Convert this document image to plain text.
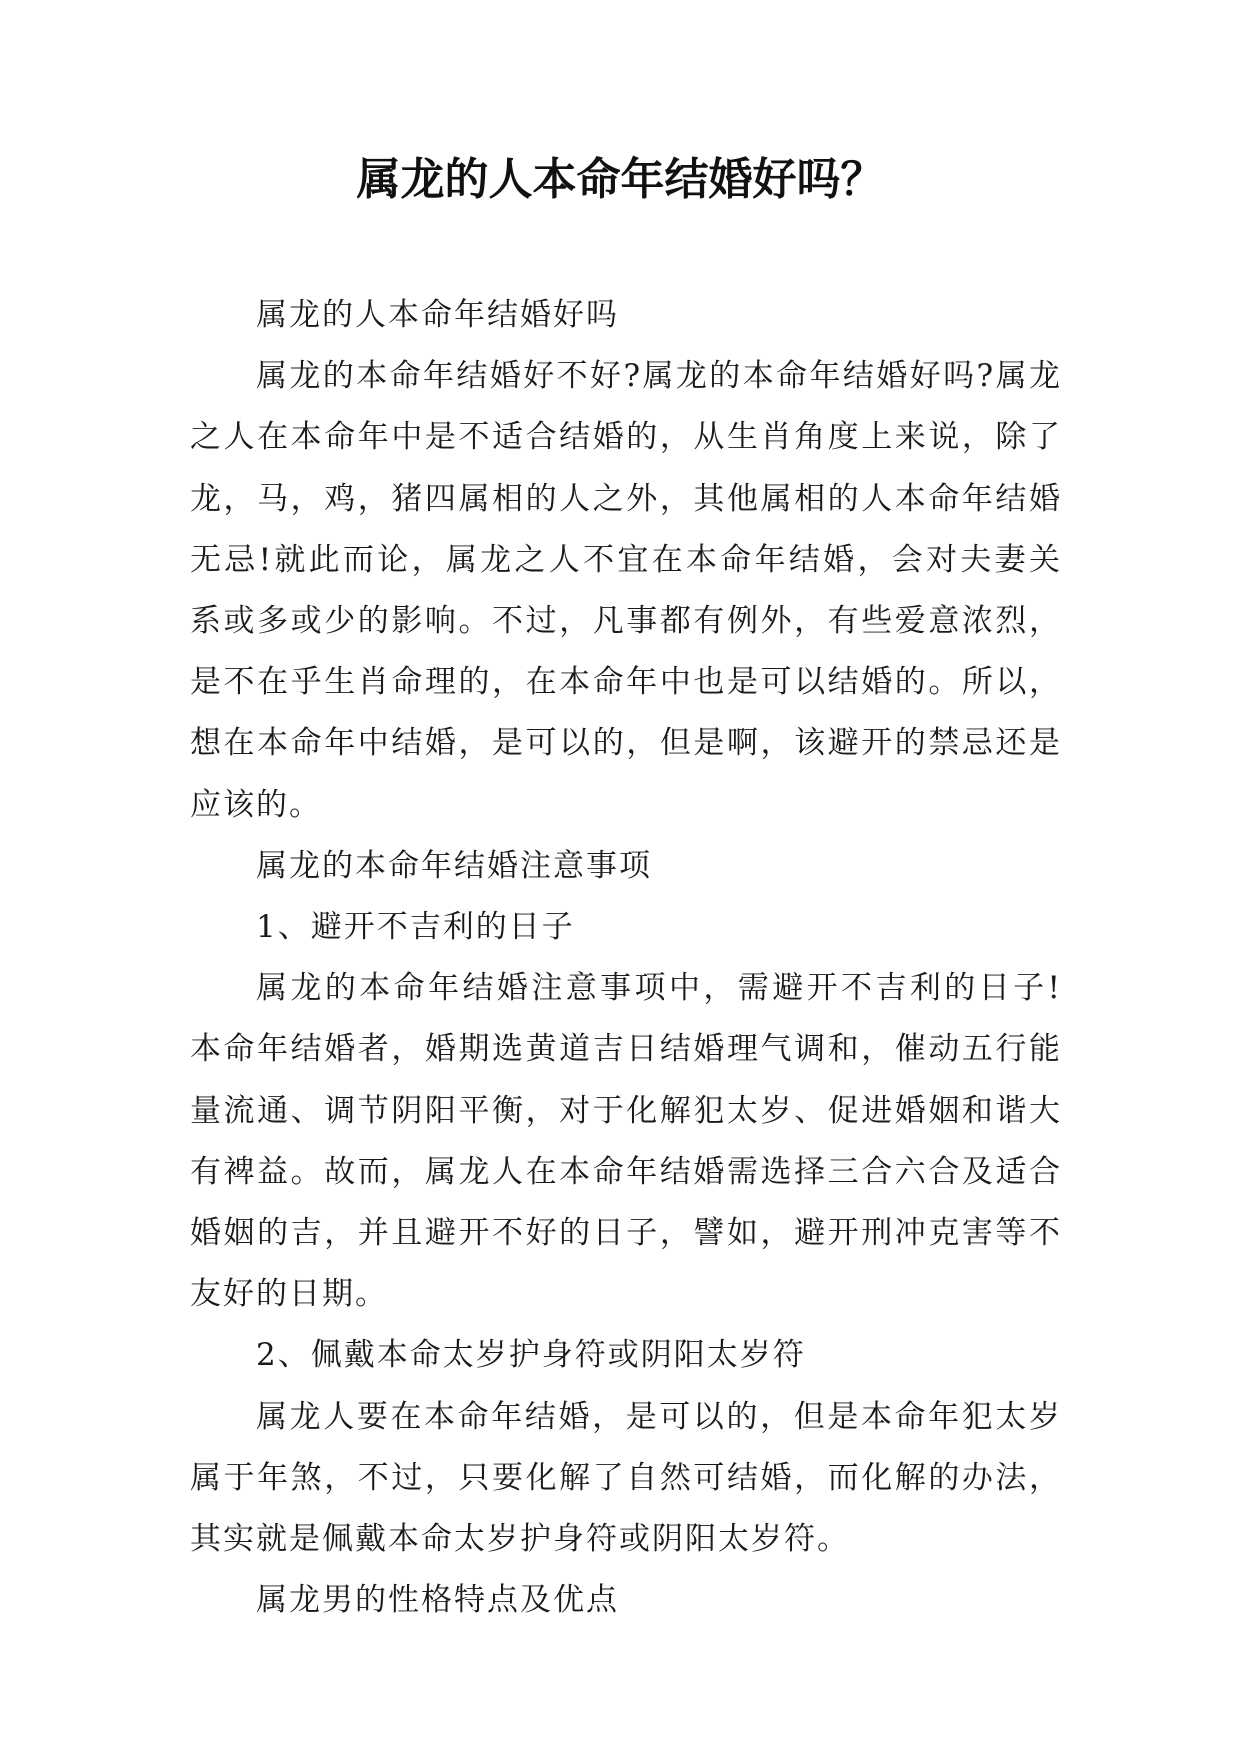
属龙的人本命年结婚好吗？

属龙的人本命年结婚好吗

属龙的本命年结婚好不好?属龙的本命年结婚好吗?属龙之人在本命年中是不适合结婚的，从生肖角度上来说，除了龙，马，鸡，猪四属相的人之外，其他属相的人本命年结婚无忌!就此而论，属龙之人不宜在本命年结婚，会对夫妻关系或多或少的影响。不过，凡事都有例外，有些爱意浓烈，是不在乎生肖命理的，在本命年中也是可以结婚的。所以，想在本命年中结婚，是可以的，但是啊，该避开的禁忌还是应该的。

属龙的本命年结婚注意事项

1、避开不吉利的日子

属龙的本命年结婚注意事项中，需避开不吉利的日子!本命年结婚者，婚期选黄道吉日结婚理气调和，催动五行能量流通、调节阴阳平衡，对于化解犯太岁、促进婚姻和谐大有裨益。故而，属龙人在本命年结婚需选择三合六合及适合婚姻的吉，并且避开不好的日子，譬如，避开刑冲克害等不友好的日期。

2、佩戴本命太岁护身符或阴阳太岁符

属龙人要在本命年结婚，是可以的，但是本命年犯太岁属于年煞，不过，只要化解了自然可结婚，而化解的办法，其实就是佩戴本命太岁护身符或阴阳太岁符。

属龙男的性格特点及优点
